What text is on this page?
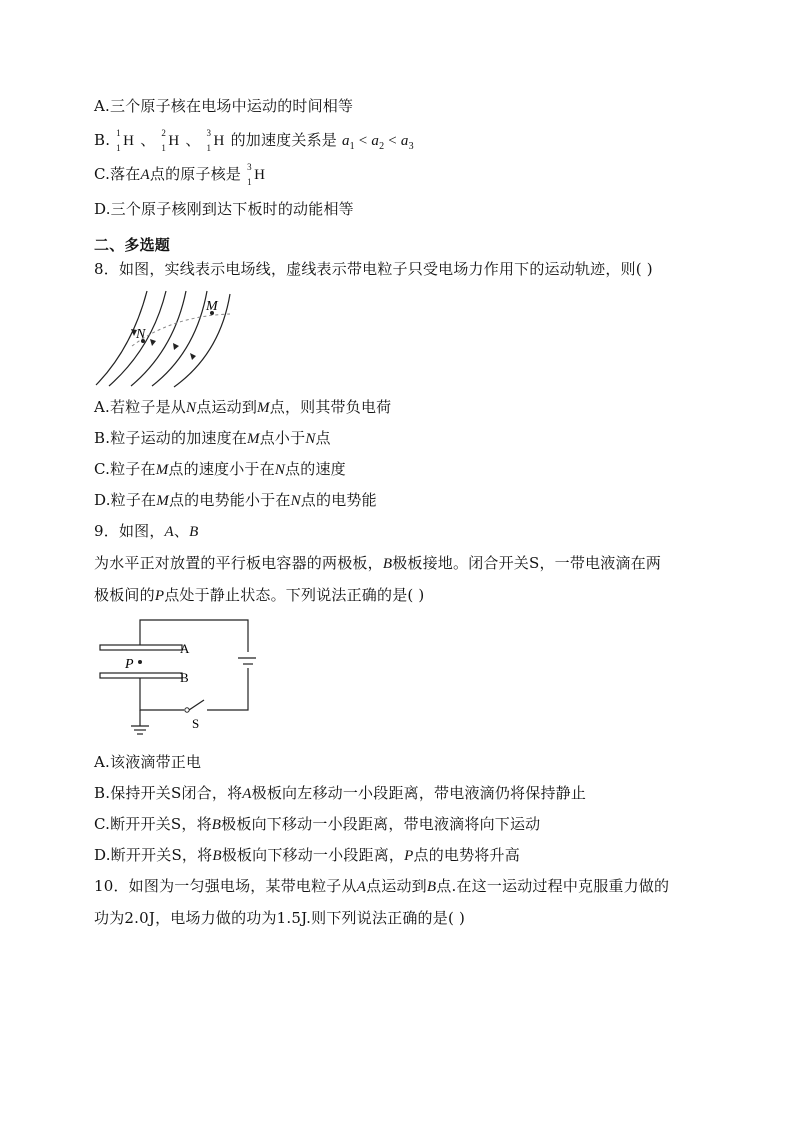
A.三个原子核在电场中运动的时间相等
B. 1
1 H 、 2
1 H 、 3
1 H 的加速度关系是 $a_1 < a_2 < a_3$
C.落在A点的原子核是 3
1 H
D.三个原子核刚到达下板时的动能相等
二、多选题
8．如图，实线表示电场线，虚线表示带电粒子只受电场力作用下的运动轨迹，则( )
N
M
A.若粒子是从N点运动到M点，则其带负电荷
B.粒子运动的加速度在M点小于N点
C.粒子在M点的速度小于在N点的速度
D.粒子在M点的电势能小于在N点的电势能
9．如图，A、B
为水平正对放置的平行板电容器的两极板，B极板接地。闭合开关S，一带电液滴在两
极板间的P点处于静止状态。下列说法正确的是( )
P
A
B
S
A.该液滴带正电
B.保持开关S闭合，将A极板向左移动一小段距离，带电液滴仍将保持静止
C.断开开关S，将B极板向下移动一小段距离，带电液滴将向下运动
D.断开开关S，将B极板向下移动一小段距离，P点的电势将升高
10．如图为一匀强电场，某带电粒子从A点运动到B点.在这一运动过程中克服重力做的
功为2.0J，电场力做的功为1.5J.则下列说法正确的是( )
